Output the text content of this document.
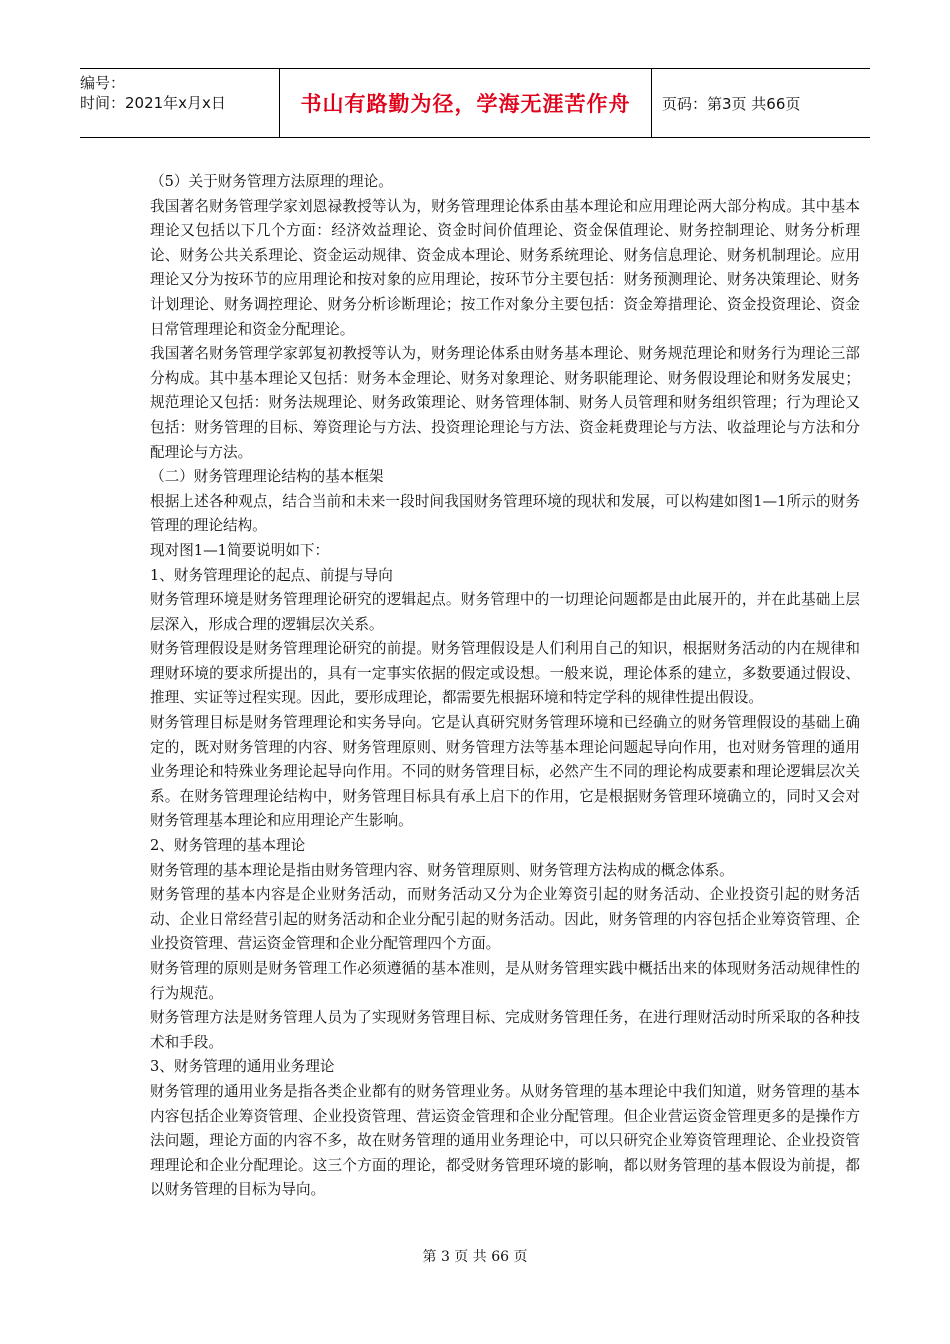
编号：
时间：2021年x月x日	书山有路勤为径，学海无涯苦作舟	页码：第3页 共66页

（5）关于财务管理方法原理的理论。

我国著名财务管理学家刘恩禄教授等认为，财务管理理论体系由基本理论和应用理论两大部分构成。其中基本理论又包括以下几个方面：经济效益理论、资金时间价值理论、资金保值理论、财务控制理论、财务分析理论、财务公共关系理论、资金运动规律、资金成本理论、财务系统理论、财务信息理论、财务机制理论。应用理论又分为按环节的应用理论和按对象的应用理论，按环节分主要包括：财务预测理论、财务决策理论、财务计划理论、财务调控理论、财务分析诊断理论；按工作对象分主要包括：资金筹措理论、资金投资理论、资金日常管理理论和资金分配理论。

我国著名财务管理学家郭复初教授等认为，财务理论体系由财务基本理论、财务规范理论和财务行为理论三部分构成。其中基本理论又包括：财务本金理论、财务对象理论、财务职能理论、财务假设理论和财务发展史；规范理论又包括：财务法规理论、财务政策理论、财务管理体制、财务人员管理和财务组织管理；行为理论又包括：财务管理的目标、筹资理论与方法、投资理论理论与方法、资金耗费理论与方法、收益理论与方法和分配理论与方法。

（二）财务管理理论结构的基本框架

根据上述各种观点，结合当前和未来一段时间我国财务管理环境的现状和发展，可以构建如图1—1所示的财务管理的理论结构。

现对图1—1简要说明如下：

1、财务管理理论的起点、前提与导向

财务管理环境是财务管理理论研究的逻辑起点。财务管理中的一切理论问题都是由此展开的，并在此基础上层层深入，形成合理的逻辑层次关系。

财务管理假设是财务管理理论研究的前提。财务管理假设是人们利用自己的知识，根据财务活动的内在规律和理财环境的要求所提出的，具有一定事实依据的假定或设想。一般来说，理论体系的建立，多数要通过假设、推理、实证等过程实现。因此，要形成理论，都需要先根据环境和特定学科的规律性提出假设。

财务管理目标是财务管理理论和实务导向。它是认真研究财务管理环境和已经确立的财务管理假设的基础上确定的，既对财务管理的内容、财务管理原则、财务管理方法等基本理论问题起导向作用，也对财务管理的通用业务理论和特殊业务理论起导向作用。不同的财务管理目标，必然产生不同的理论构成要素和理论逻辑层次关系。在财务管理理论结构中，财务管理目标具有承上启下的作用，它是根据财务管理环境确立的，同时又会对财务管理基本理论和应用理论产生影响。

2、财务管理的基本理论

财务管理的基本理论是指由财务管理内容、财务管理原则、财务管理方法构成的概念体系。

财务管理的基本内容是企业财务活动，而财务活动又分为企业筹资引起的财务活动、企业投资引起的财务活动、企业日常经营引起的财务活动和企业分配引起的财务活动。因此，财务管理的内容包括企业筹资管理、企业投资管理、营运资金管理和企业分配管理四个方面。

财务管理的原则是财务管理工作必须遵循的基本准则，是从财务管理实践中概括出来的体现财务活动规律性的行为规范。

财务管理方法是财务管理人员为了实现财务管理目标、完成财务管理任务，在进行理财活动时所采取的各种技术和手段。

3、财务管理的通用业务理论

财务管理的通用业务是指各类企业都有的财务管理业务。从财务管理的基本理论中我们知道，财务管理的基本内容包括企业筹资管理、企业投资管理、营运资金管理和企业分配管理。但企业营运资金管理更多的是操作方法问题，理论方面的内容不多，故在财务管理的通用业务理论中，可以只研究企业筹资管理理论、企业投资管理理论和企业分配理论。这三个方面的理论，都受财务管理环境的影响，都以财务管理的基本假设为前提，都以财务管理的目标为导向。

第 3 页 共 66 页
